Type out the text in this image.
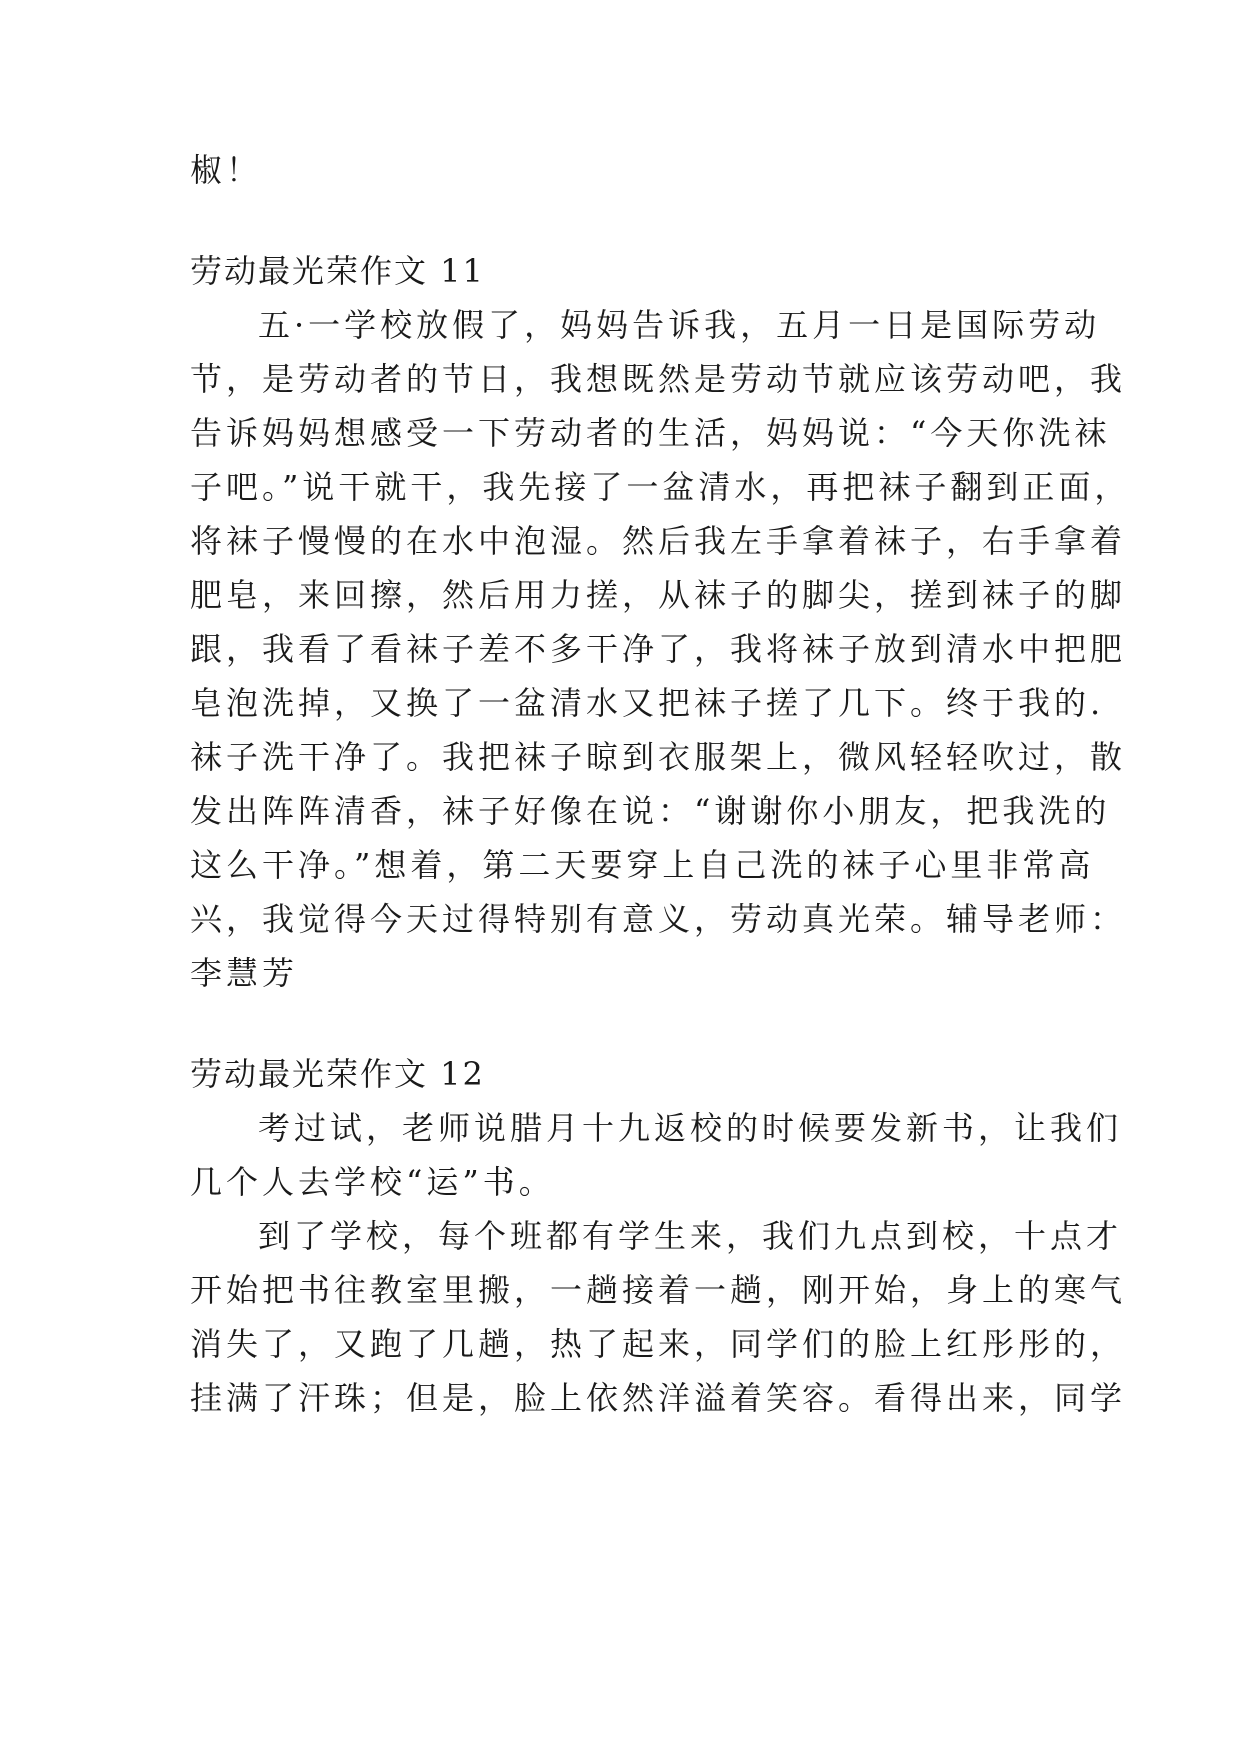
椒！
劳动最光荣作文 11
五·一学校放假了，妈妈告诉我，五月一日是国际劳动
节，是劳动者的节日，我想既然是劳动节就应该劳动吧，我
告诉妈妈想感受一下劳动者的生活，妈妈说：“今天你洗袜
子吧。”说干就干，我先接了一盆清水，再把袜子翻到正面，
将袜子慢慢的在水中泡湿。然后我左手拿着袜子，右手拿着
肥皂，来回擦，然后用力搓，从袜子的脚尖，搓到袜子的脚
跟，我看了看袜子差不多干净了，我将袜子放到清水中把肥
皂泡洗掉，又换了一盆清水又把袜子搓了几下。终于我的.
袜子洗干净了。我把袜子晾到衣服架上，微风轻轻吹过，散
发出阵阵清香，袜子好像在说：“谢谢你小朋友，把我洗的
这么干净。”想着，第二天要穿上自己洗的袜子心里非常高
兴，我觉得今天过得特别有意义，劳动真光荣。辅导老师：
李慧芳
劳动最光荣作文 12
考过试，老师说腊月十九返校的时候要发新书，让我们
几个人去学校“运”书。
到了学校，每个班都有学生来，我们九点到校，十点才
开始把书往教室里搬，一趟接着一趟，刚开始，身上的寒气
消失了，又跑了几趟，热了起来，同学们的脸上红彤彤的，
挂满了汗珠；但是，脸上依然洋溢着笑容。看得出来，同学
